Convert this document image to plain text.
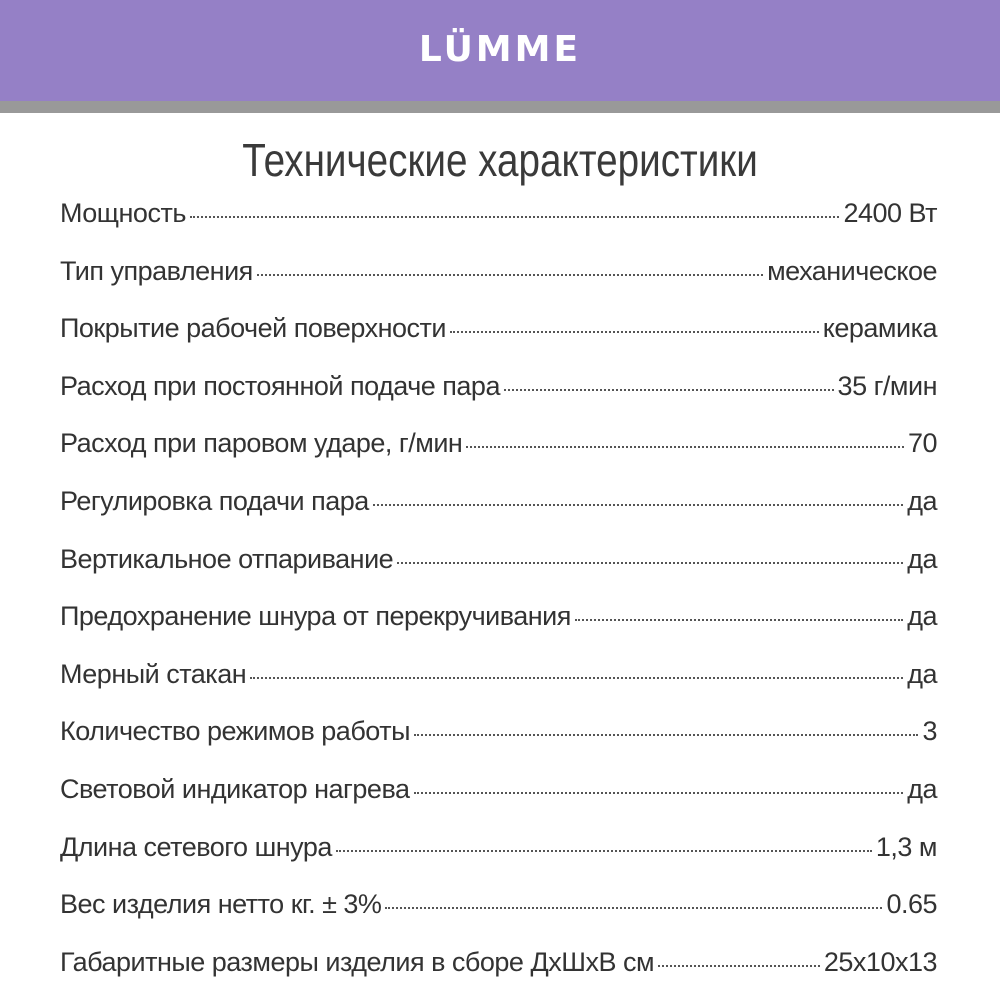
LÜMME
Технические характеристики
Мощность	2400 Вт
Тип управления	механическое
Покрытие рабочей поверхности	керамика
Расход при постоянной подаче пара	35 г/мин
Расход при паровом ударе, г/мин	70
Регулировка подачи пара	да
Вертикальное отпаривание	да
Предохранение шнура от перекручивания	да
Мерный стакан	да
Количество режимов работы	3
Световой индикатор нагрева	да
Длина сетевого шнура	1,3 м
Вес изделия нетто кг. ± 3%	0.65
Габаритные размеры изделия в сборе ДхШхВ см	25х10х13
